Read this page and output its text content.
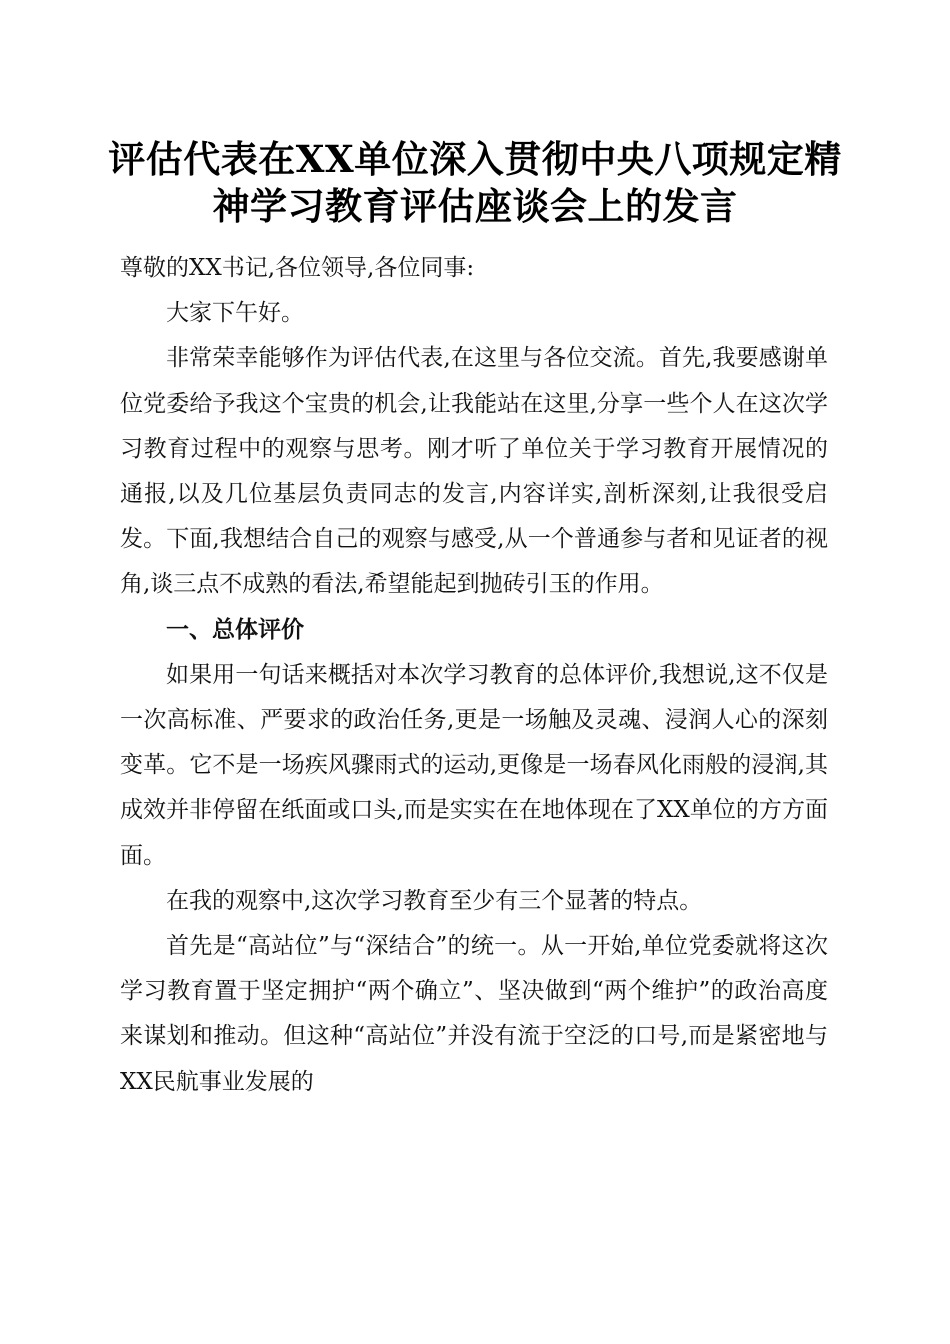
评估代表在XX单位深入贯彻中央八项规定精
神学习教育评估座谈会上的发言

尊敬的XX书记,各位领导,各位同事:

大家下午好。

非常荣幸能够作为评估代表,在这里与各位交流。首先,我要感谢单位党委给予我这个宝贵的机会,让我能站在这里,分享一些个人在这次学习教育过程中的观察与思考。刚才听了单位关于学习教育开展情况的通报,以及几位基层负责同志的发言,内容详实,剖析深刻,让我很受启发。下面,我想结合自己的观察与感受,从一个普通参与者和见证者的视角,谈三点不成熟的看法,希望能起到抛砖引玉的作用。

一、总体评价

如果用一句话来概括对本次学习教育的总体评价,我想说,这不仅是一次高标准、严要求的政治任务,更是一场触及灵魂、浸润人心的深刻变革。它不是一场疾风骤雨式的运动,更像是一场春风化雨般的浸润,其成效并非停留在纸面或口头,而是实实在在地体现在了XX单位的方方面面。

在我的观察中,这次学习教育至少有三个显著的特点。

首先是“高站位”与“深结合”的统一。从一开始,单位党委就将这次学习教育置于坚定拥护“两个确立”、坚决做到“两个维护”的政治高度来谋划和推动。但这种“高站位”并没有流于空泛的口号,而是紧密地与XX民航事业发展的
